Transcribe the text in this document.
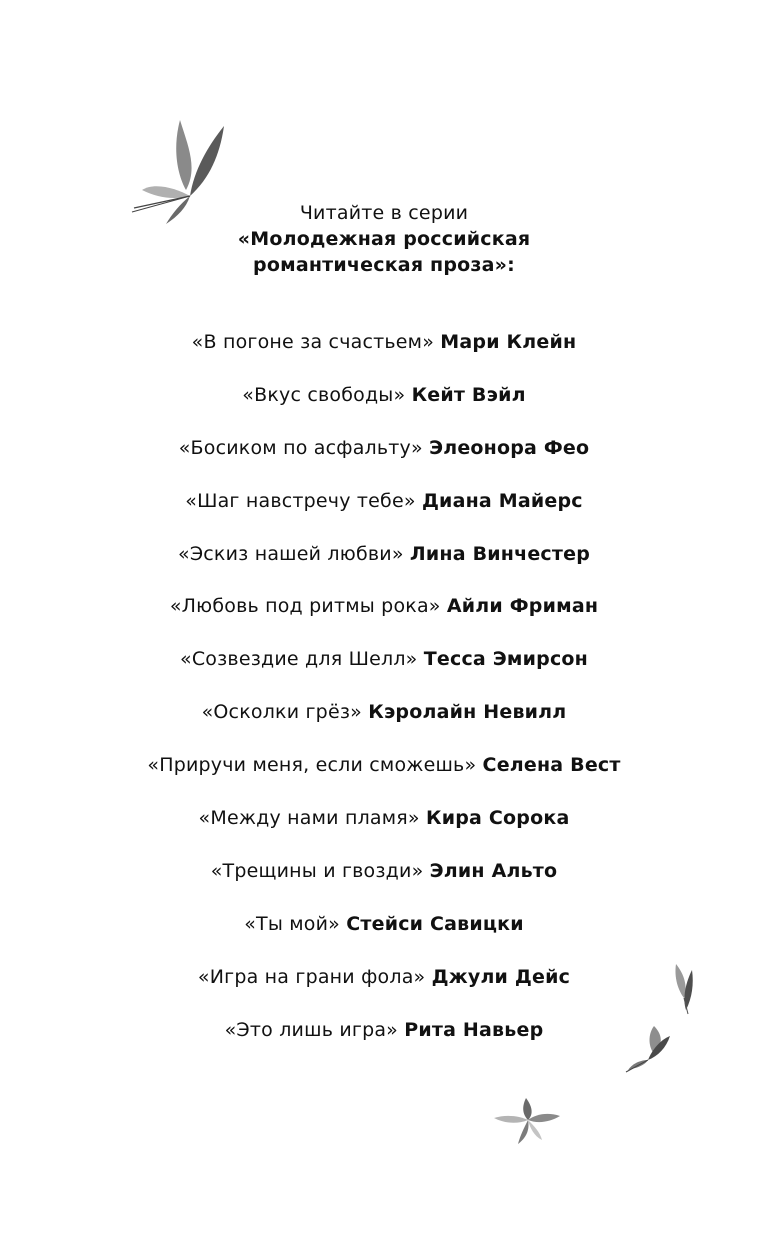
Читайте в серии
«Молодежная российская
романтическая проза»:
«В погоне за счастьем» Мари Клейн
«Вкус свободы» Кейт Вэйл
«Босиком по асфальту» Элеонора Фео
«Шаг навстречу тебе» Диана Майерс
«Эскиз нашей любви» Лина Винчестер
«Любовь под ритмы рока» Айли Фриман
«Созвездие для Шелл» Тесса Эмирсон
«Осколки грёз» Кэролайн Невилл
«Приручи меня, если сможешь» Селена Вест
«Между нами пламя» Кира Сорока
«Трещины и гвозди» Элин Альто
«Ты мой» Стейси Савицки
«Игра на грани фола» Джули Дейс
«Это лишь игра» Рита Навьер
